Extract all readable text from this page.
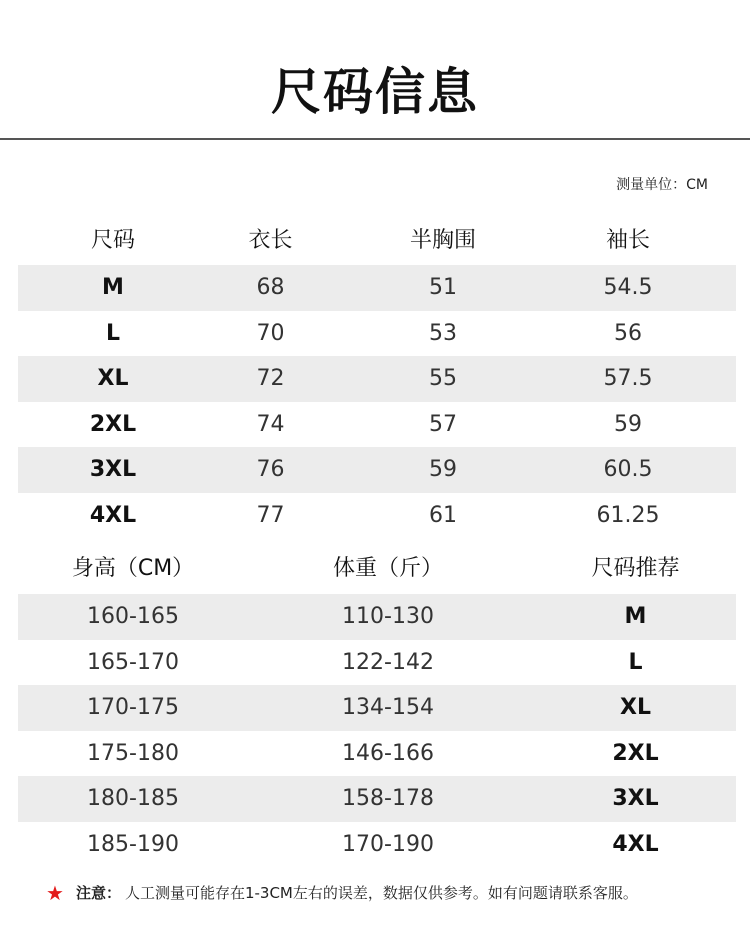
尺码信息
测量单位：CM
尺码	衣长	半胸围	袖长
M	68	51	54.5
L	70	53	56
XL	72	55	57.5
2XL	74	57	59
3XL	76	59	60.5
4XL	77	61	61.25
身高（CM）	体重（斤）	尺码推荐
160-165	110-130	M
165-170	122-142	L
170-175	134-154	XL
175-180	146-166	2XL
180-185	158-178	3XL
185-190	170-190	4XL
★ 注意： 人工测量可能存在1-3CM左右的误差，数据仅供参考。如有问题请联系客服。
